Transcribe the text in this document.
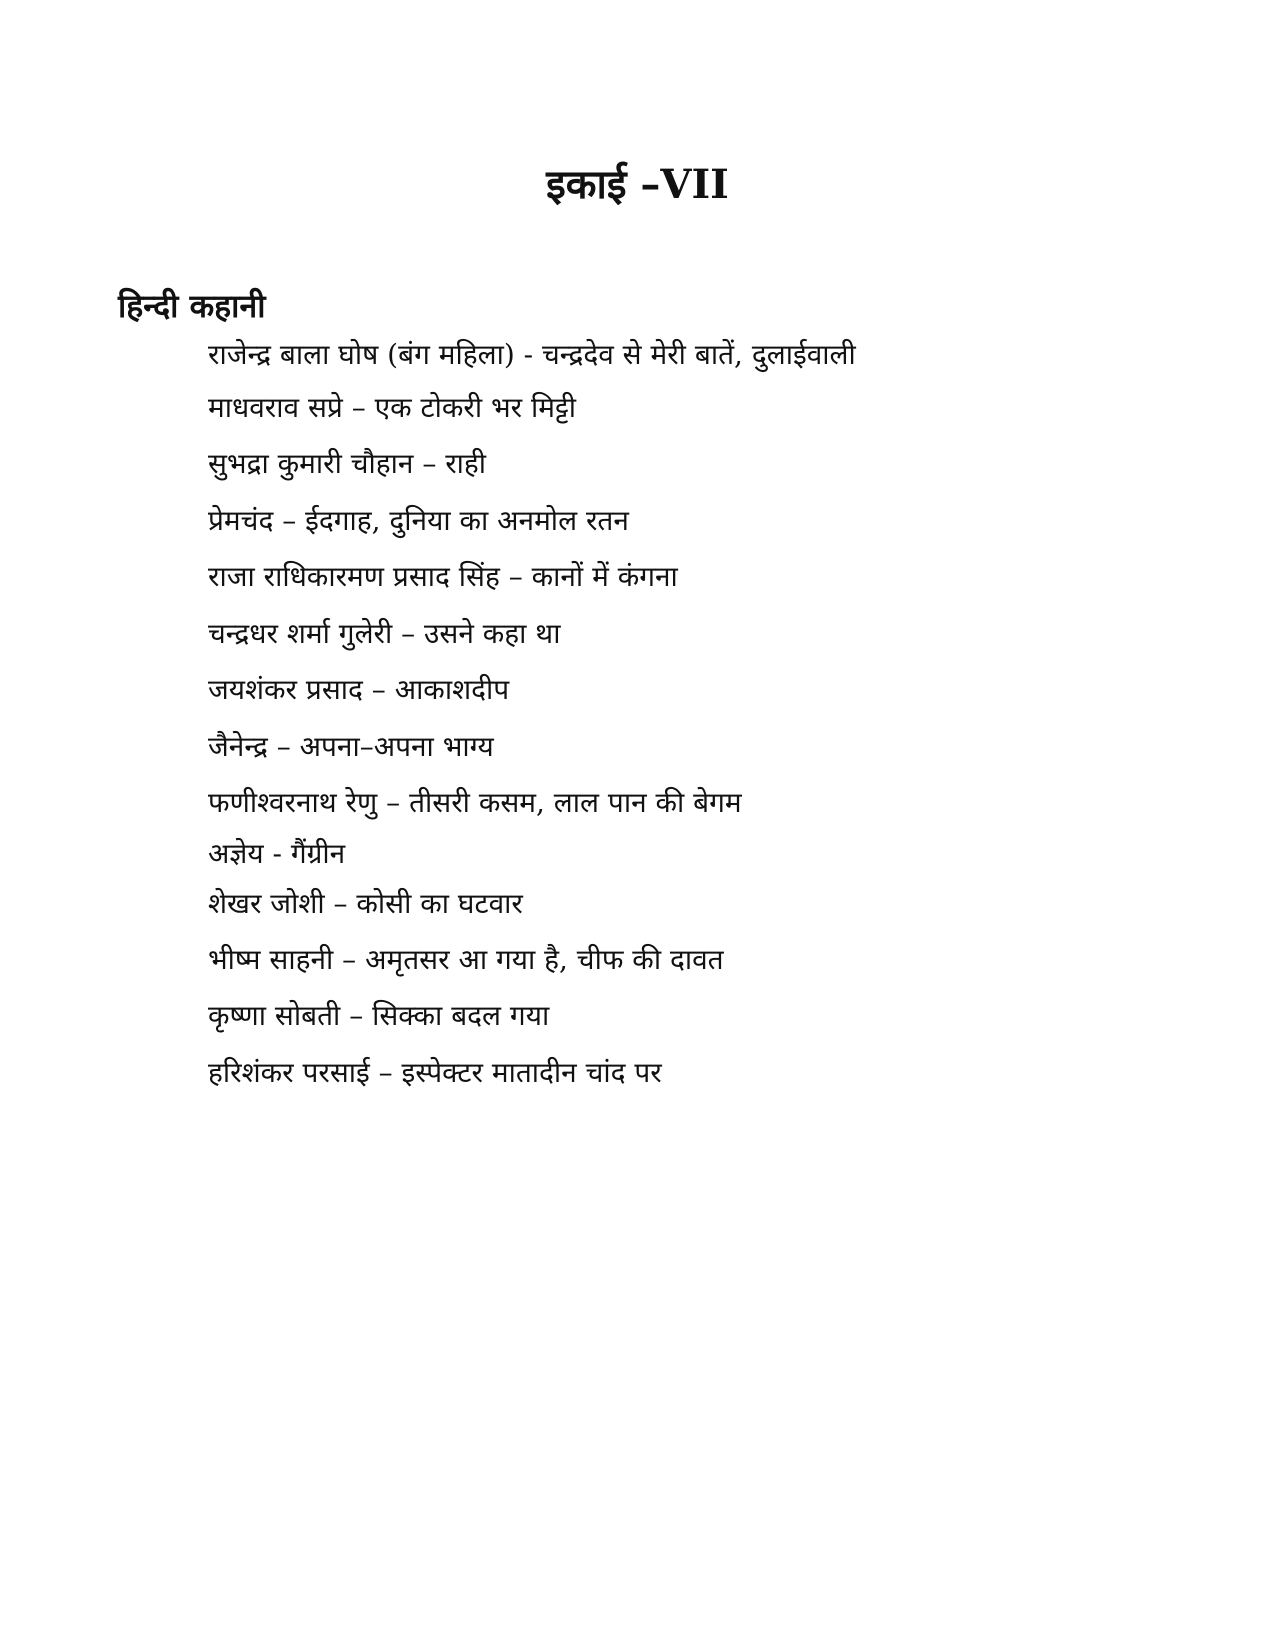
इकाई –VII
हिन्दी कहानी
राजेन्द्र बाला घोष (बंग महिला) - चन्द्रदेव से मेरी बातें, दुलाईवाली
माधवराव सप्रे – एक टोकरी भर मिट्टी
सुभद्रा कुमारी चौहान – राही
प्रेमचंद – ईदगाह, दुनिया का अनमोल रतन
राजा राधिकारमण प्रसाद सिंह – कानों में कंगना
चन्द्रधर शर्मा गुलेरी – उसने कहा था
जयशंकर प्रसाद – आकाशदीप
जैनेन्द्र – अपना–अपना भाग्य
फणीश्वरनाथ रेणु – तीसरी कसम, लाल पान की बेगम
अज्ञेय - गैंग्रीन
शेखर जोशी – कोसी का घटवार
भीष्म साहनी – अमृतसर आ गया है, चीफ की दावत
कृष्णा सोबती – सिक्का बदल गया
हरिशंकर परसाई – इस्पेक्टर मातादीन चांद पर
